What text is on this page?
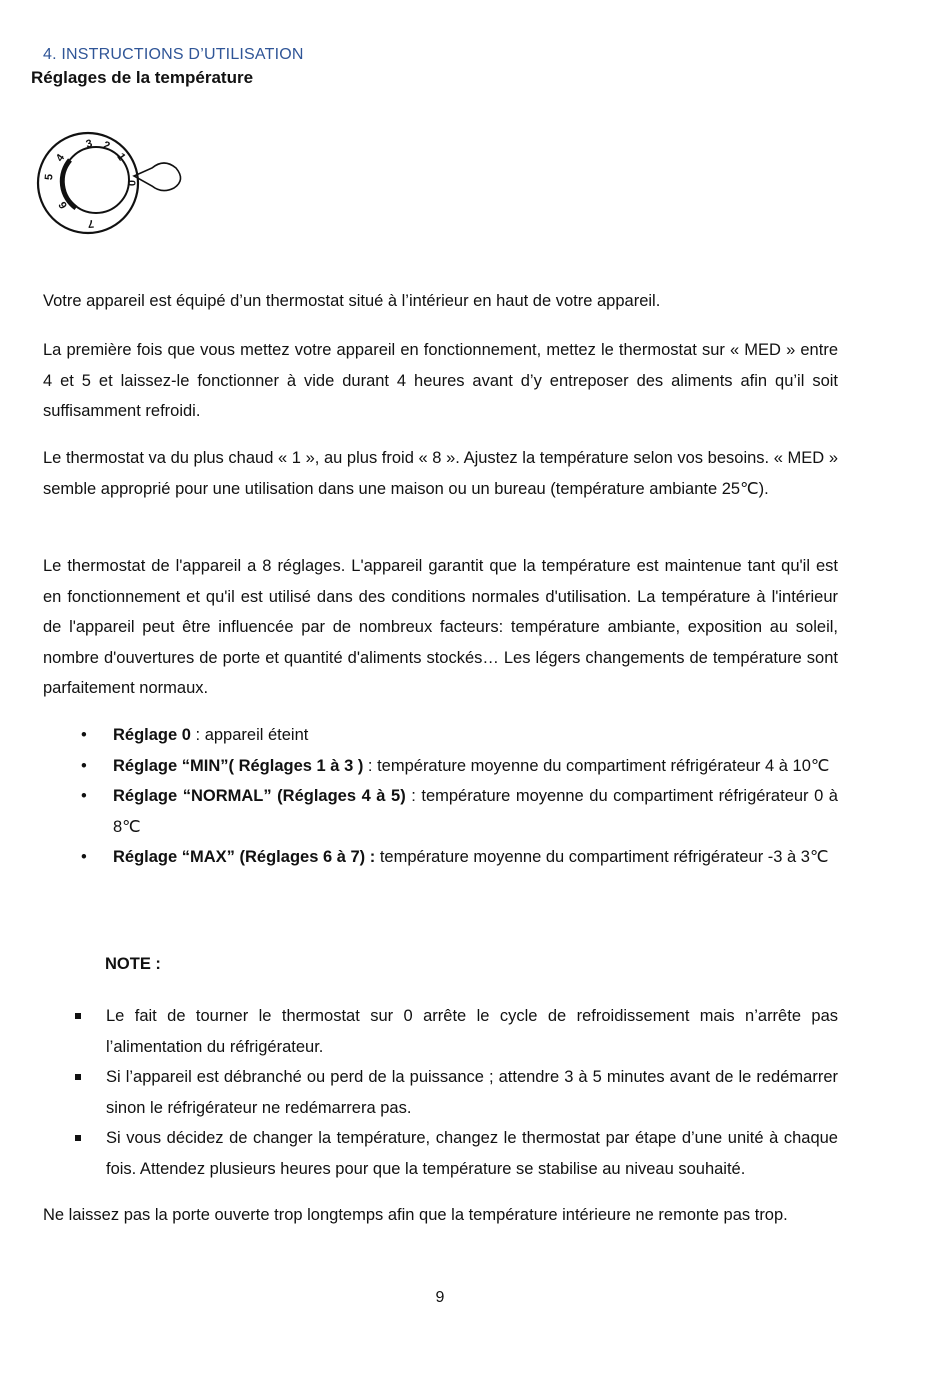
4. INSTRUCTIONS D’UTILISATION
Réglages de la température
0
1
2
3
4
5
6
7

Votre appareil est équipé d’un thermostat situé à l’intérieur en haut de votre appareil.

La première fois que vous mettez votre appareil en fonctionnement, mettez le thermostat sur « MED » entre 4 et 5 et laissez-le fonctionner à vide durant 4 heures avant d’y entreposer des aliments afin qu’il soit suffisamment refroidi.

Le thermostat va du plus chaud « 1 », au plus froid « 8 ». Ajustez la température selon vos besoins. « MED » semble approprié pour une utilisation dans une maison ou un bureau (température ambiante 25℃).

Le thermostat de l'appareil a 8 réglages. L'appareil garantit que la température est maintenue tant qu'il est en fonctionnement et qu'il est utilisé dans des conditions normales d'utilisation. La température à l'intérieur de l'appareil peut être influencée par de nombreux facteurs: température ambiante, exposition au soleil, nombre d'ouvertures de porte et quantité d'aliments stockés… Les légers changements de température sont parfaitement normaux.

• Réglage 0 : appareil éteint
• Réglage “MIN”( Réglages 1 à 3 ) : température moyenne du compartiment réfrigérateur 4 à 10℃
• Réglage “NORMAL” (Réglages 4 à 5) : température moyenne du compartiment réfrigérateur 0 à 8℃
• Réglage “MAX” (Réglages 6 à 7) : température moyenne du compartiment réfrigérateur -3 à 3℃
NOTE :
Le fait de tourner le thermostat sur 0 arrête le cycle de refroidissement mais n’arrête pas l’alimentation du réfrigérateur.
Si l’appareil est débranché ou perd de la puissance ; attendre 3 à 5 minutes avant de le redémarrer sinon le réfrigérateur ne redémarrera pas.
Si vous décidez de changer la température, changez le thermostat par étape d’une unité à chaque fois. Attendez plusieurs heures pour que la température se stabilise au niveau souhaité.

Ne laissez pas la porte ouverte trop longtemps afin que la température intérieure ne remonte pas trop.

9
